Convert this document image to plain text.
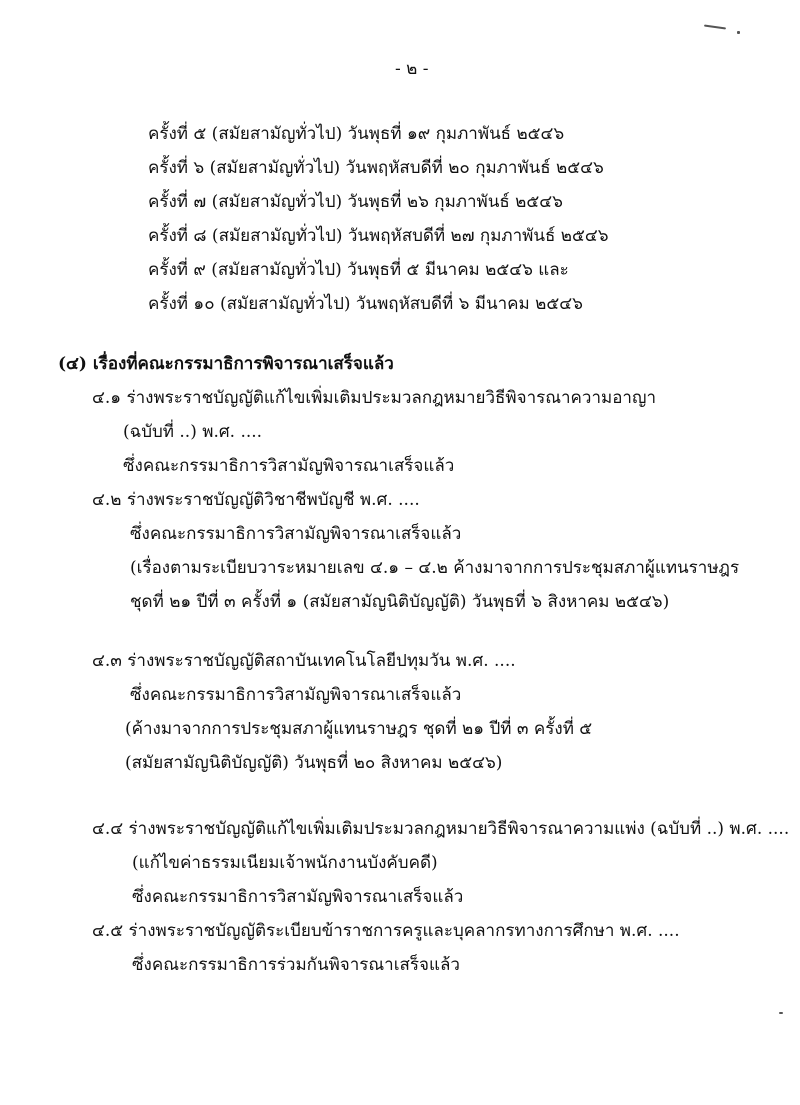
- ๒ -
ครั้งที่ ๕ (สมัยสามัญทั่วไป) วันพุธที่ ๑๙ กุมภาพันธ์ ๒๕๔๖
ครั้งที่ ๖ (สมัยสามัญทั่วไป) วันพฤหัสบดีที่ ๒๐ กุมภาพันธ์ ๒๕๔๖
ครั้งที่ ๗ (สมัยสามัญทั่วไป) วันพุธที่ ๒๖ กุมภาพันธ์ ๒๕๔๖
ครั้งที่ ๘ (สมัยสามัญทั่วไป) วันพฤหัสบดีที่ ๒๗ กุมภาพันธ์ ๒๕๔๖
ครั้งที่ ๙ (สมัยสามัญทั่วไป) วันพุธที่ ๕ มีนาคม ๒๕๔๖ และ
ครั้งที่ ๑๐ (สมัยสามัญทั่วไป) วันพฤหัสบดีที่ ๖ มีนาคม ๒๕๔๖
(๔) เรื่องที่คณะกรรมาธิการพิจารณาเสร็จแล้ว
๔.๑ ร่างพระราชบัญญัติแก้ไขเพิ่มเติมประมวลกฎหมายวิธีพิจารณาความอาญา
(ฉบับที่ ..) พ.ศ. ....
ซึ่งคณะกรรมาธิการวิสามัญพิจารณาเสร็จแล้ว
๔.๒ ร่างพระราชบัญญัติวิชาชีพบัญชี พ.ศ. ....
ซึ่งคณะกรรมาธิการวิสามัญพิจารณาเสร็จแล้ว
(เรื่องตามระเบียบวาระหมายเลข ๔.๑ – ๔.๒ ค้างมาจากการประชุมสภาผู้แทนราษฎร
ชุดที่ ๒๑ ปีที่ ๓ ครั้งที่ ๑ (สมัยสามัญนิติบัญญัติ) วันพุธที่ ๖ สิงหาคม ๒๕๔๖)
๔.๓ ร่างพระราชบัญญัติสถาบันเทคโนโลยีปทุมวัน พ.ศ. ....
ซึ่งคณะกรรมาธิการวิสามัญพิจารณาเสร็จแล้ว
(ค้างมาจากการประชุมสภาผู้แทนราษฎร ชุดที่ ๒๑ ปีที่ ๓ ครั้งที่ ๕
(สมัยสามัญนิติบัญญัติ) วันพุธที่ ๒๐ สิงหาคม ๒๕๔๖)
๔.๔ ร่างพระราชบัญญัติแก้ไขเพิ่มเติมประมวลกฎหมายวิธีพิจารณาความแพ่ง (ฉบับที่ ..) พ.ศ. ....
(แก้ไขค่าธรรมเนียมเจ้าพนักงานบังคับคดี)
ซึ่งคณะกรรมาธิการวิสามัญพิจารณาเสร็จแล้ว
๔.๕ ร่างพระราชบัญญัติระเบียบข้าราชการครูและบุคลากรทางการศึกษา พ.ศ. ....
ซึ่งคณะกรรมาธิการร่วมกันพิจารณาเสร็จแล้ว
